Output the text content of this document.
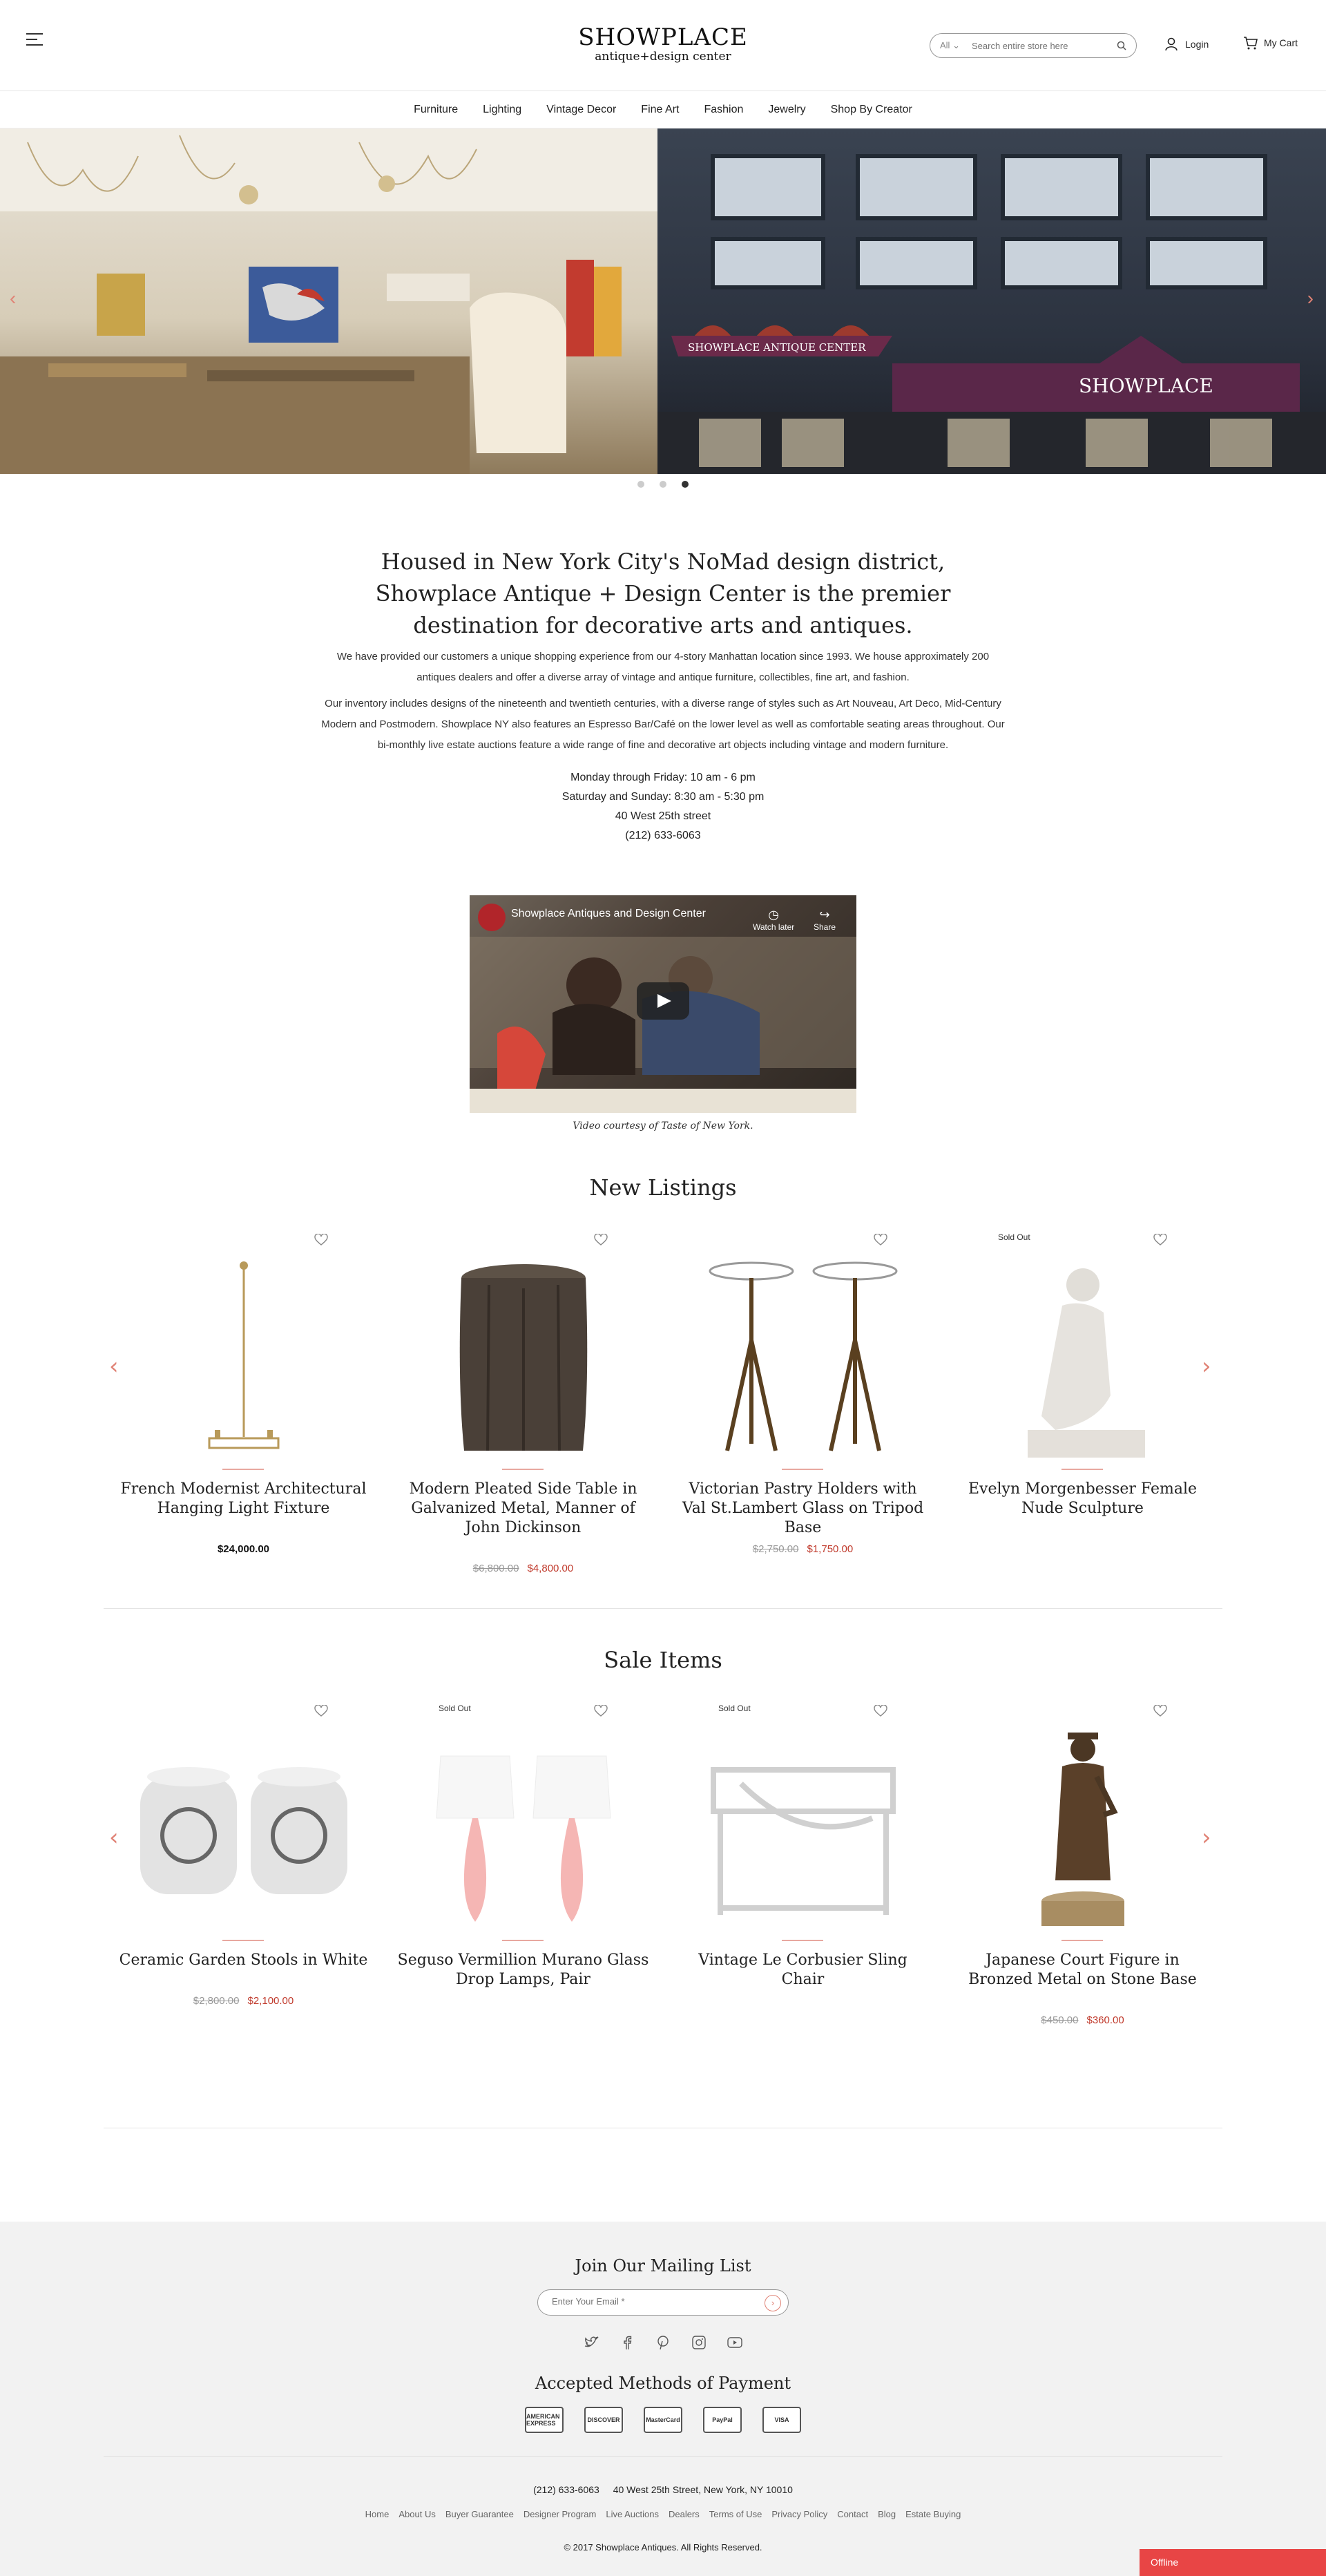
SHOWPLACE
antique+design center
All ⌄
Search entire store here	Login	My Cart
Furniture Lighting Vintage Decor Fine Art Fashion Jewelry Shop By Creator
SHOWPLACE ANTIQUE CENTER
SHOWPLACE
‹	›
Housed in New York City's NoMad design district, Showplace Antique + Design Center is the premier destination for decorative arts and antiques.

We have provided our customers a unique shopping experience from our 4-story Manhattan location since 1993. We house approximately 200 antiques dealers and offer a diverse array of vintage and antique furniture, collectibles, fine art, and fashion.

Our inventory includes designs of the nineteenth and twentieth centuries, with a diverse range of styles such as Art Nouveau, Art Deco, Mid-Century Modern and Postmodern. Showplace NY also features an Espresso Bar/Café on the lower level as well as comfortable seating areas throughout. Our bi-monthly live estate auctions feature a wide range of fine and decorative art objects including vintage and modern furniture.

Monday through Friday: 10 am - 6 pm
Saturday and Sunday: 8:30 am - 5:30 pm
40 West 25th street
(212) 633-6063
Showplace Antiques and Design Center	◷
Watch later
↪
Share
Video courtesy of Taste of New York.
New Listings
‹	›
French Modernist Architectural Hanging Light Fixture
$24,000.00
Modern Pleated Side Table in Galvanized Metal, Manner of John Dickinson
$6,800.00 $4,800.00
Victorian Pastry Holders with Val St.Lambert Glass on Tripod Base
$2,750.00 $1,750.00
Sold Out
Evelyn Morgenbesser Female Nude Sculpture
Sale Items
‹	›
Ceramic Garden Stools in White
$2,800.00 $2,100.00
Sold Out
Seguso Vermillion Murano Glass Drop Lamps, Pair
Sold Out
Vintage Le Corbusier Sling Chair
Japanese Court Figure in Bronzed Metal on Stone Base
$450.00 $360.00
Join Our Mailing List
Enter Your Email *
›
Accepted Methods of Payment
AMERICAN EXPRESS	DISCOVER	MasterCard	PayPal	VISA
(212) 633-6063 40 West 25th Street, New York, NY 10010
Home About Us Buyer Guarantee Designer Program Live Auctions Dealers Terms of Use Privacy Policy Contact Blog Estate Buying
© 2017 Showplace Antiques. All Rights Reserved.
Offline
